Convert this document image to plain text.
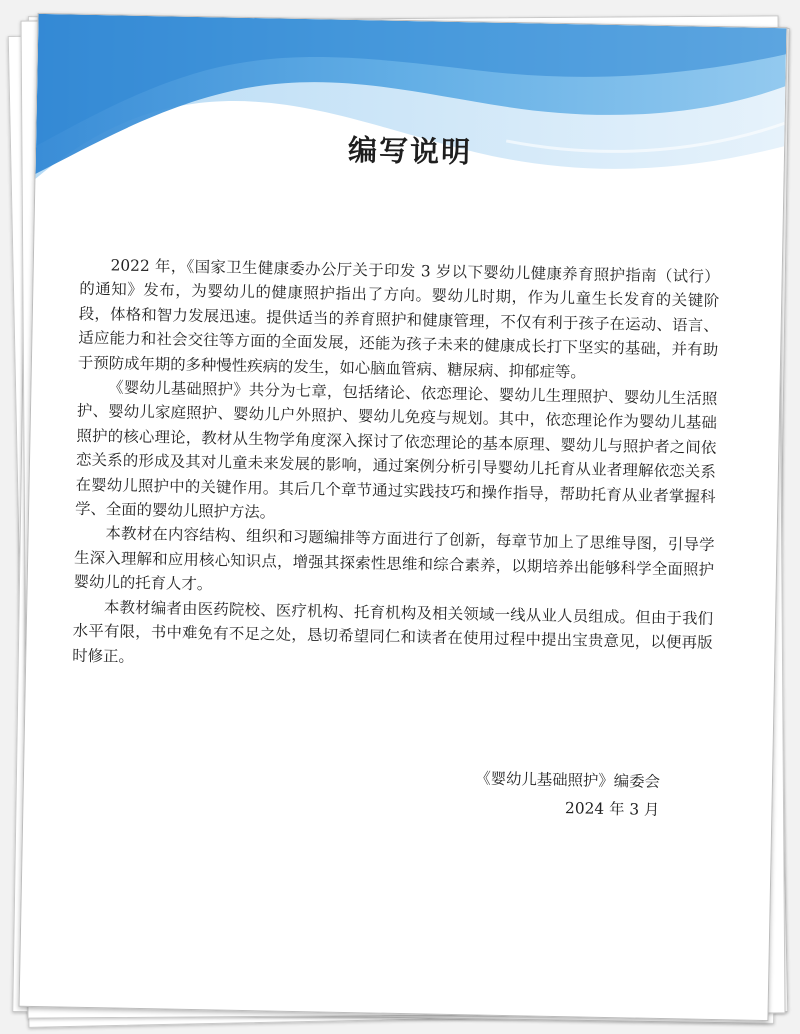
编写说明

2022 年，《国家卫生健康委办公厅关于印发 3 岁以下婴幼儿健康养育照护指南（试行）的通知》发布，为婴幼儿的健康照护指出了方向。婴幼儿时期，作为儿童生长发育的关键阶段，体格和智力发展迅速。提供适当的养育照护和健康管理，不仅有利于孩子在运动、语言、适应能力和社会交往等方面的全面发展，还能为孩子未来的健康成长打下坚实的基础，并有助于预防成年期的多种慢性疾病的发生，如心脑血管病、糖尿病、抑郁症等。

《婴幼儿基础照护》共分为七章，包括绪论、依恋理论、婴幼儿生理照护、婴幼儿生活照护、婴幼儿家庭照护、婴幼儿户外照护、婴幼儿免疫与规划。其中，依恋理论作为婴幼儿基础照护的核心理论，教材从生物学角度深入探讨了依恋理论的基本原理、婴幼儿与照护者之间依恋关系的形成及其对儿童未来发展的影响，通过案例分析引导婴幼儿托育从业者理解依恋关系在婴幼儿照护中的关键作用。其后几个章节通过实践技巧和操作指导，帮助托育从业者掌握科学、全面的婴幼儿照护方法。

本教材在内容结构、组织和习题编排等方面进行了创新，每章节加上了思维导图，引导学生深入理解和应用核心知识点，增强其探索性思维和综合素养，以期培养出能够科学全面照护婴幼儿的托育人才。

本教材编者由医药院校、医疗机构、托育机构及相关领域一线从业人员组成。但由于我们水平有限，书中难免有不足之处，恳切希望同仁和读者在使用过程中提出宝贵意见，以便再版时修正。

《婴幼儿基础照护》编委会
2024 年 3 月
